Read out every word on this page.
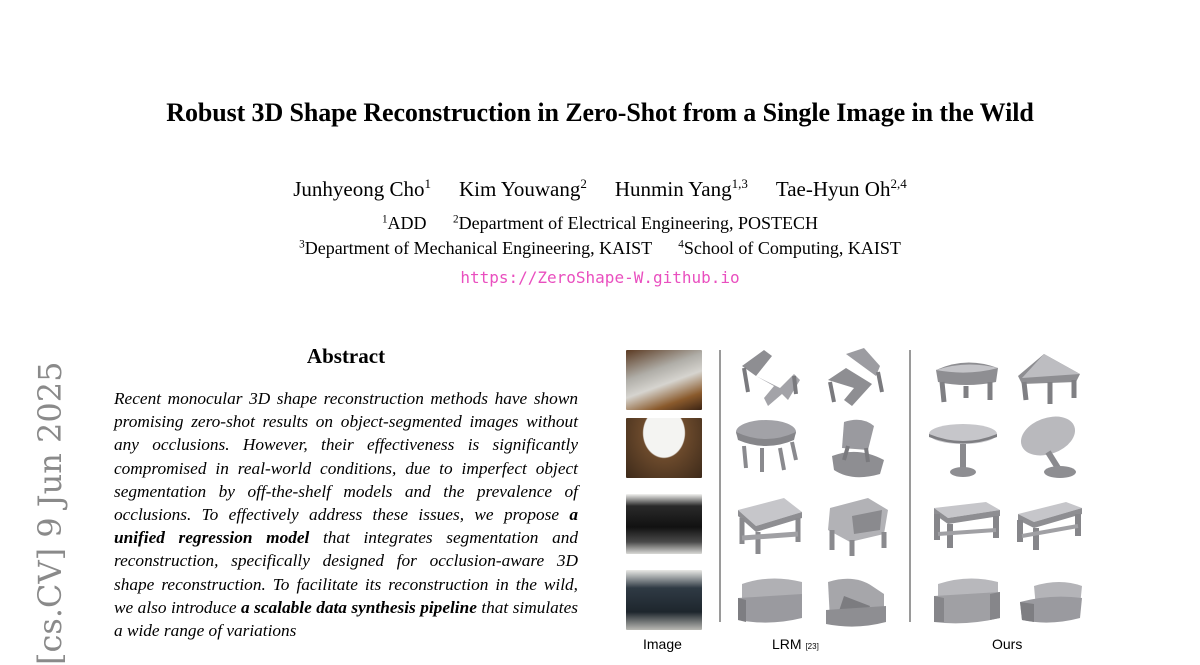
Robust 3D Shape Reconstruction in Zero-Shot from a Single Image in the Wild
Junhyeong Cho$^1$ Kim Youwang$^2$ Hunmin Yang$^{1,3}$ Tae-Hyun Oh$^{2,4}$
$^1$ADD $^2$Department of Electrical Engineering, POSTECH
$^3$Department of Mechanical Engineering, KAIST $^4$School of Computing, KAIST
https://ZeroShape-W.github.io
[cs.CV] 9 Jun 2025
Abstract
Recent monocular 3D shape reconstruction methods have shown promising zero-shot results on object-segmented images without any occlusions. However, their effectiveness is significantly compromised in real-world conditions, due to imperfect object segmentation by off-the-shelf models and the prevalence of occlusions. To effectively address these issues, we propose a unified regression model that integrates segmentation and reconstruction, specifically designed for occlusion-aware 3D shape reconstruction. To facilitate its reconstruction in the wild, we also introduce a scalable data synthesis pipeline that simulates a wide range of variations
Image	LRM [23]	Ours
